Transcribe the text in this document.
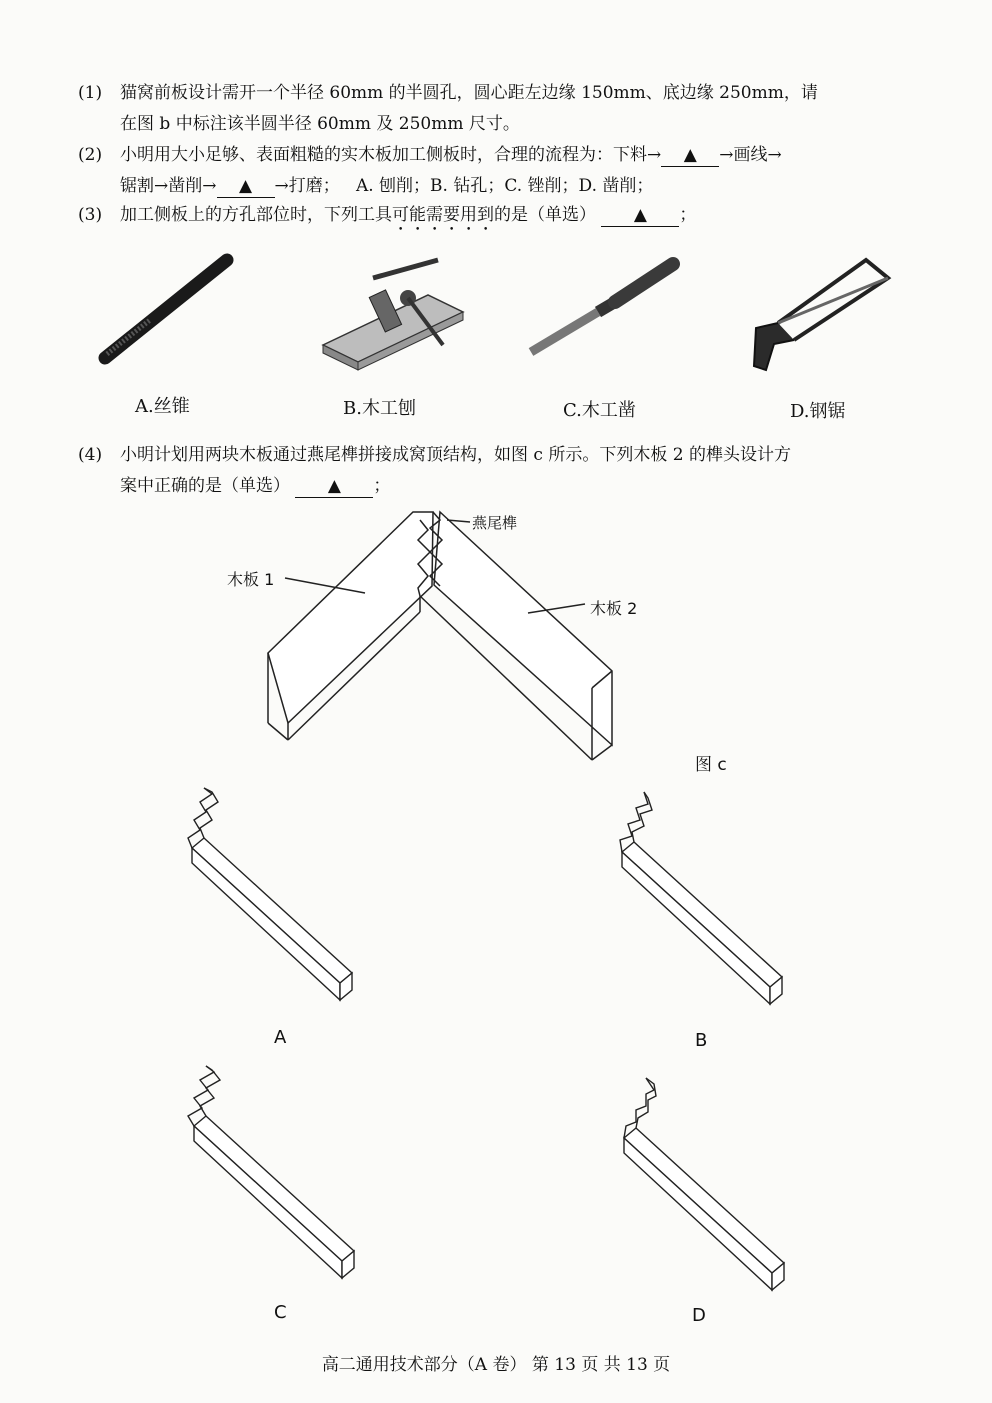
(1) 猫窝前板设计需开一个半径 60mm 的半圆孔，圆心距左边缘 150mm、底边缘 250mm，请
在图 b 中标注该半圆半径 60mm 及 250mm 尺寸。
(2) 小明用大小足够、表面粗糙的实木板加工侧板时，合理的流程为：下料→ ▲ →画线→
锯割→凿削→ ▲ →打磨； A. 刨削；B. 钻孔；C. 锉削；D. 凿削；
(3) 加工侧板上的方孔部位时，下列工具可能需要用到的是（单选） ▲ ；
A.丝锥	B.木工刨	C.木工凿	D.钢锯
(4) 小明计划用两块木板通过燕尾榫拼接成窝顶结构，如图 c 所示。下列木板 2 的榫头设计方
案中正确的是（单选） ▲ ；
燕尾榫
木板 1
木板 2
图 c
A	B
C	D
高二通用技术部分（A 卷） 第 13 页 共 13 页
